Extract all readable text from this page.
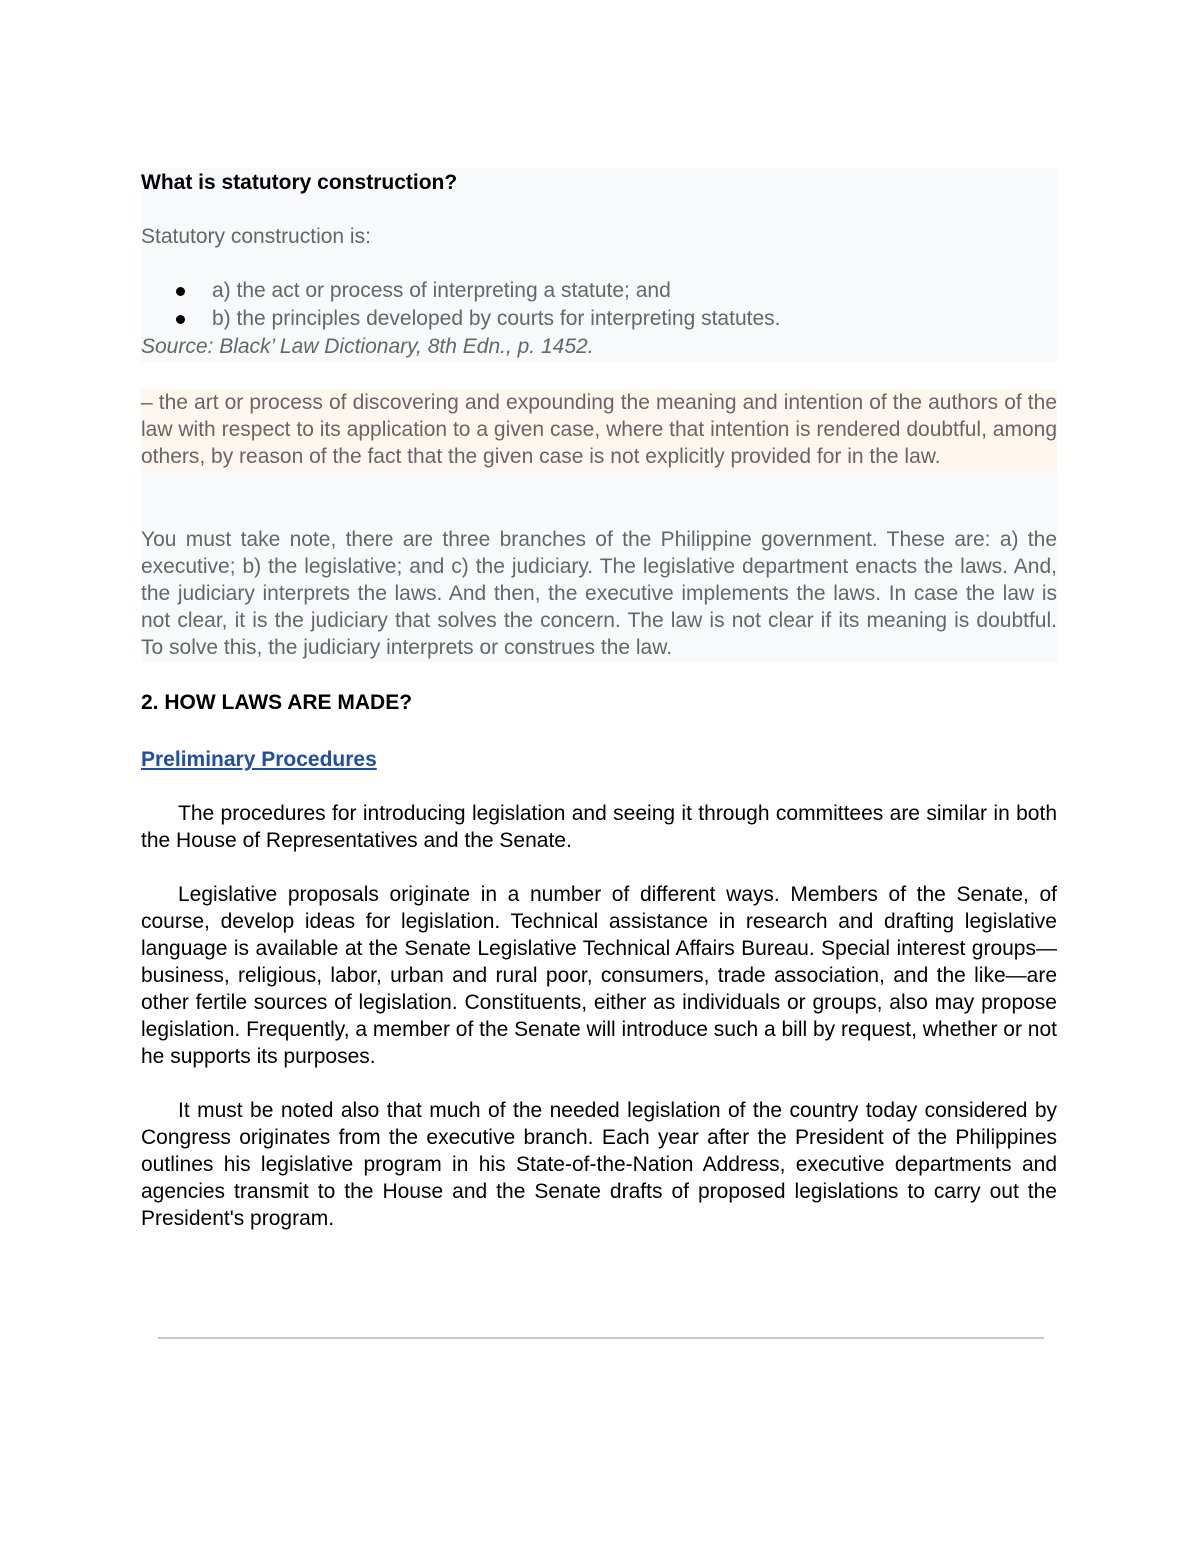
What is statutory construction?

Statutory construction is:

a) the act or process of interpreting a statute; and
b) the principles developed by courts for interpreting statutes.

Source: Black’ Law Dictionary, 8th Edn., p. 1452.

– the art or process of discovering and expounding the meaning and intention of the authors of the law with respect to its application to a given case, where that intention is rendered doubtful, among others, by reason of the fact that the given case is not explicitly provided for in the law.

You must take note, there are three branches of the Philippine government. These are: a) the executive; b) the legislative; and c) the judiciary. The legislative department enacts the laws. And, the judiciary interprets the laws. And then, the executive implements the laws. In case the law is not clear, it is the judiciary that solves the concern. The law is not clear if its meaning is doubtful. To solve this, the judiciary interprets or construes the law.

2. HOW LAWS ARE MADE?
Preliminary Procedures

The procedures for introducing legislation and seeing it through committees are similar in both the House of Representatives and the Senate.

Legislative proposals originate in a number of different ways. Members of the Senate, of course, develop ideas for legislation. Technical assistance in research and drafting legislative language is available at the Senate Legislative Technical Affairs Bureau. Special interest groups—business, religious, labor, urban and rural poor, consumers, trade association, and the like—are other fertile sources of legislation. Constituents, either as individuals or groups, also may propose legislation. Frequently, a member of the Senate will introduce such a bill by request, whether or not he supports its purposes.

It must be noted also that much of the needed legislation of the country today considered by Congress originates from the executive branch. Each year after the President of the Philippines outlines his legislative program in his State-of-the-Nation Address, executive departments and agencies transmit to the House and the Senate drafts of proposed legislations to carry out the President's program.
